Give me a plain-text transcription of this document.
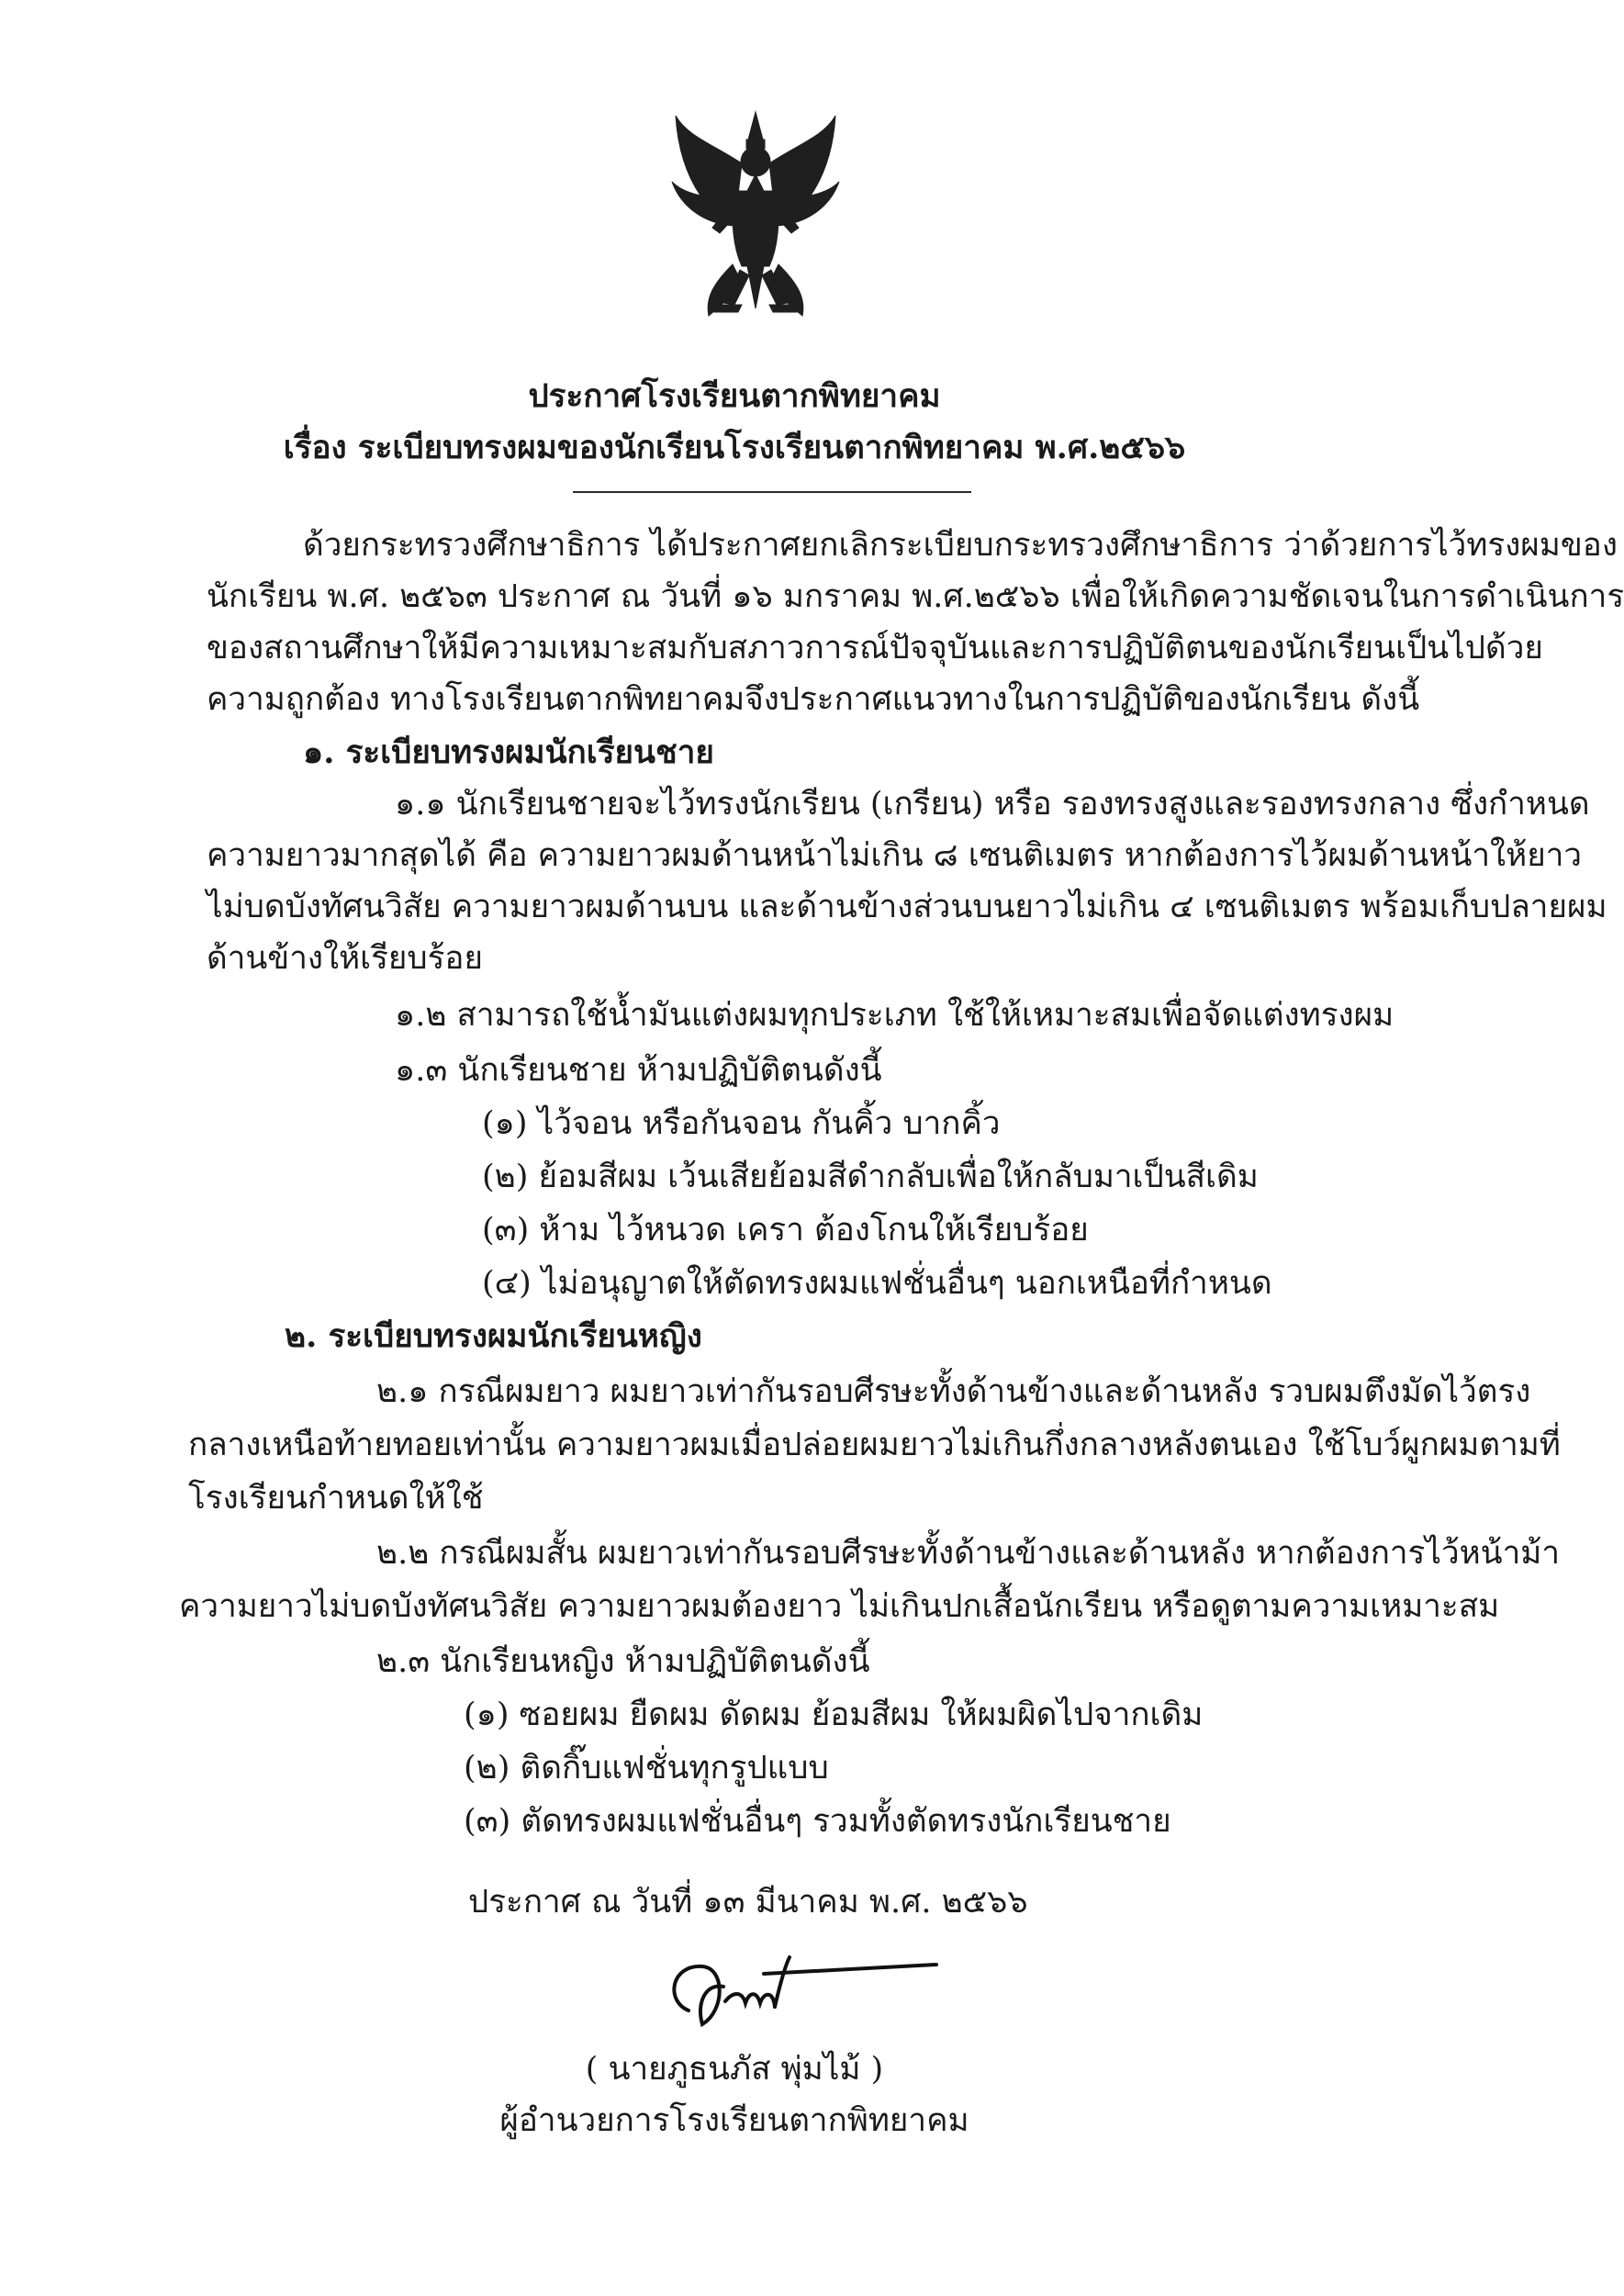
ประกาศโรงเรียนตากพิทยาคม
เรื่อง ระเบียบทรงผมของนักเรียนโรงเรียนตากพิทยาคม พ.ศ.๒๕๖๖
ด้วยกระทรวงศึกษาธิการ ได้ประกาศยกเลิกระเบียบกระทรวงศึกษาธิการ ว่าด้วยการไว้ทรงผมของ
นักเรียน พ.ศ. ๒๕๖๓ ประกาศ ณ วันที่ ๑๖ มกราคม พ.ศ.๒๕๖๖ เพื่อให้เกิดความชัดเจนในการดำเนินการ
ของสถานศึกษาให้มีความเหมาะสมกับสภาวการณ์ปัจจุบันและการปฏิบัติตนของนักเรียนเป็นไปด้วย
ความถูกต้อง ทางโรงเรียนตากพิทยาคมจึงประกาศแนวทางในการปฏิบัติของนักเรียน ดังนี้
๑. ระเบียบทรงผมนักเรียนชาย
๑.๑ นักเรียนชายจะไว้ทรงนักเรียน (เกรียน) หรือ รองทรงสูงและรองทรงกลาง ซึ่งกำหนด
ความยาวมากสุดได้ คือ ความยาวผมด้านหน้าไม่เกิน ๘ เซนติเมตร หากต้องการไว้ผมด้านหน้าให้ยาว
ไม่บดบังทัศนวิสัย ความยาวผมด้านบน และด้านข้างส่วนบนยาวไม่เกิน ๔ เซนติเมตร พร้อมเก็บปลายผม
ด้านข้างให้เรียบร้อย
๑.๒ สามารถใช้น้ำมันแต่งผมทุกประเภท ใช้ให้เหมาะสมเพื่อจัดแต่งทรงผม
๑.๓ นักเรียนชาย ห้ามปฏิบัติตนดังนี้
(๑) ไว้จอน หรือกันจอน กันคิ้ว บากคิ้ว
(๒) ย้อมสีผม เว้นเสียย้อมสีดำกลับเพื่อให้กลับมาเป็นสีเดิม
(๓) ห้าม ไว้หนวด เครา ต้องโกนให้เรียบร้อย
(๔) ไม่อนุญาตให้ตัดทรงผมแฟชั่นอื่นๆ นอกเหนือที่กำหนด
๒. ระเบียบทรงผมนักเรียนหญิง
๒.๑ กรณีผมยาว ผมยาวเท่ากันรอบศีรษะทั้งด้านข้างและด้านหลัง รวบผมตึงมัดไว้ตรง
กลางเหนือท้ายทอยเท่านั้น ความยาวผมเมื่อปล่อยผมยาวไม่เกินกึ่งกลางหลังตนเอง ใช้โบว์ผูกผมตามที่
โรงเรียนกำหนดให้ใช้
๒.๒ กรณีผมสั้น ผมยาวเท่ากันรอบศีรษะทั้งด้านข้างและด้านหลัง หากต้องการไว้หน้าม้า
ความยาวไม่บดบังทัศนวิสัย ความยาวผมต้องยาว ไม่เกินปกเสื้อนักเรียน หรือดูตามความเหมาะสม
๒.๓ นักเรียนหญิง ห้ามปฏิบัติตนดังนี้
(๑) ซอยผม ยืดผม ดัดผม ย้อมสีผม ให้ผมผิดไปจากเดิม
(๒) ติดกิ๊บแฟชั่นทุกรูปแบบ
(๓) ตัดทรงผมแฟชั่นอื่นๆ รวมทั้งตัดทรงนักเรียนชาย
ประกาศ ณ วันที่ ๑๓ มีนาคม พ.ศ. ๒๕๖๖
( นายภูธนภัส พุ่มไม้ )
ผู้อำนวยการโรงเรียนตากพิทยาคม
